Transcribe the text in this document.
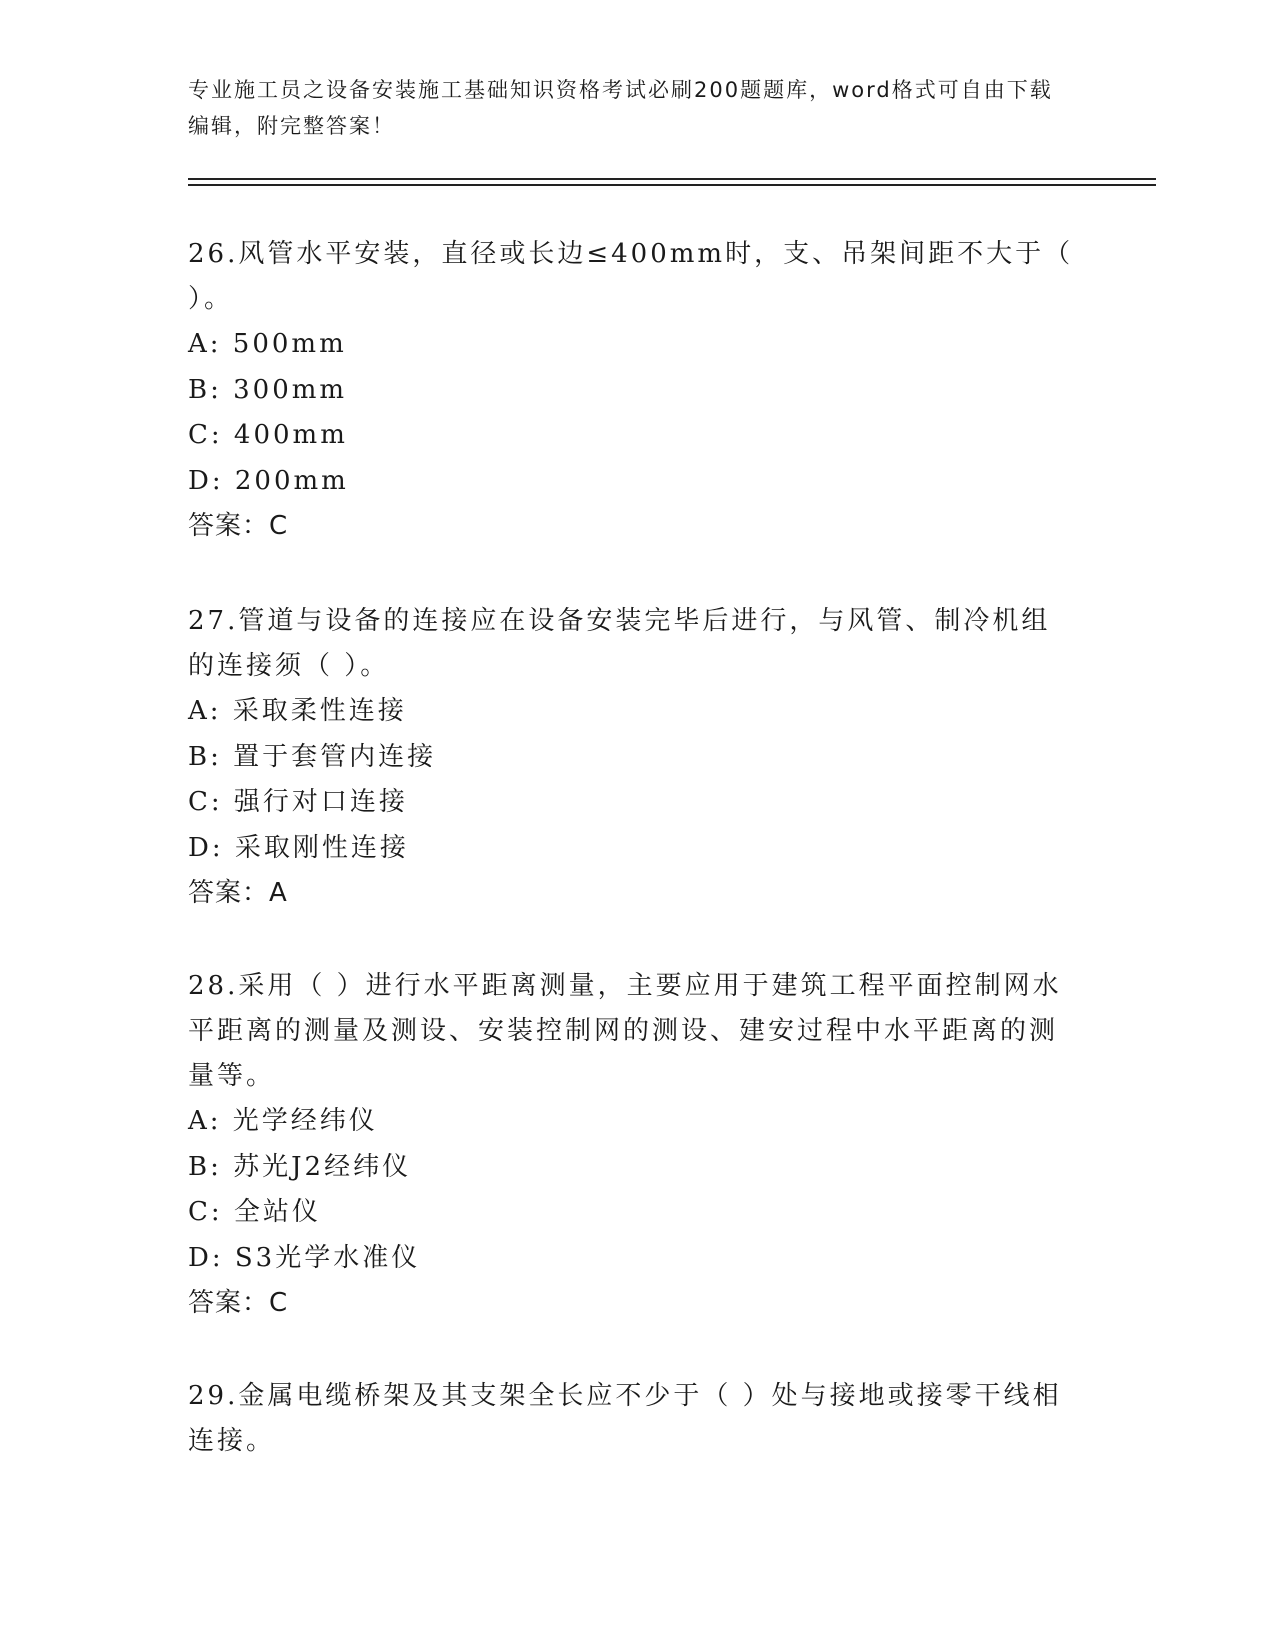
专业施工员之设备安装施工基础知识资格考试必刷200题题库，word格式可自由下载编辑，附完整答案！
26.风管水平安装，直径或长边≤400mm时，支、吊架间距不大于（ ）。
A: 500mm
B: 300mm
C: 400mm
D: 200mm
答案：C
27.管道与设备的连接应在设备安装完毕后进行，与风管、制冷机组的连接须（ ）。
A: 采取柔性连接
B: 置于套管内连接
C: 强行对口连接
D: 采取刚性连接
答案：A
28.采用（ ）进行水平距离测量，主要应用于建筑工程平面控制网水平距离的测量及测设、安装控制网的测设、建安过程中水平距离的测量等。
A: 光学经纬仪
B: 苏光J2经纬仪
C: 全站仪
D: S3光学水准仪
答案：C
29.金属电缆桥架及其支架全长应不少于（ ）处与接地或接零干线相连接。
